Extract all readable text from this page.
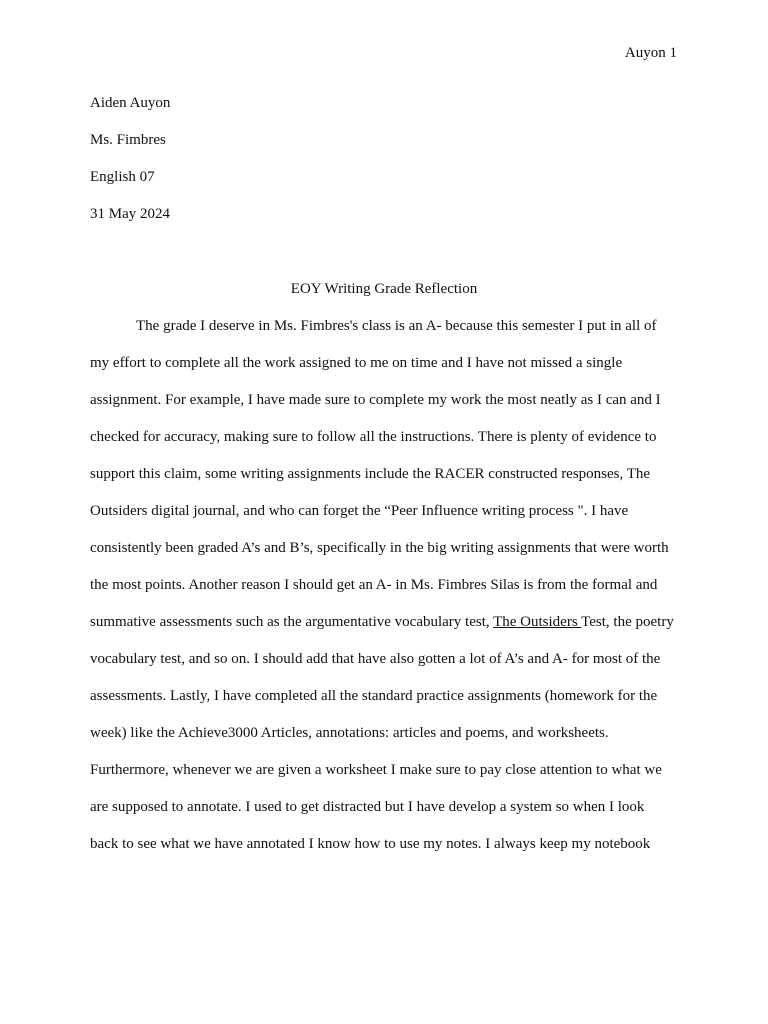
Auyon 1
Aiden Auyon
Ms. Fimbres
English 07
31 May 2024
EOY Writing Grade Reflection
The grade I deserve in Ms. Fimbres's class is an A- because this semester I put in all of
my effort to complete all the work assigned to me on time and I have not missed a single
assignment. For example, I have made sure to complete my work the most neatly as I can and I
checked for accuracy, making sure to follow all the instructions. There is plenty of evidence to
support this claim, some writing assignments include the RACER constructed responses, The
Outsiders digital journal, and who can forget the “Peer Influence writing process ". I have
consistently been graded A’s and B’s, specifically in the big writing assignments that were worth
the most points. Another reason I should get an A- in Ms. Fimbres Silas is from the formal and
summative assessments such as the argumentative vocabulary test, The Outsiders Test, the poetry
vocabulary test, and so on. I should add that have also gotten a lot of A’s and A- for most of the
assessments. Lastly, I have completed all the standard practice assignments (homework for the
week) like the Achieve3000 Articles, annotations: articles and poems, and worksheets.
Furthermore, whenever we are given a worksheet I make sure to pay close attention to what we
are supposed to annotate. I used to get distracted but I have develop a system so when I look
back to see what we have annotated I know how to use my notes. I always keep my notebook
